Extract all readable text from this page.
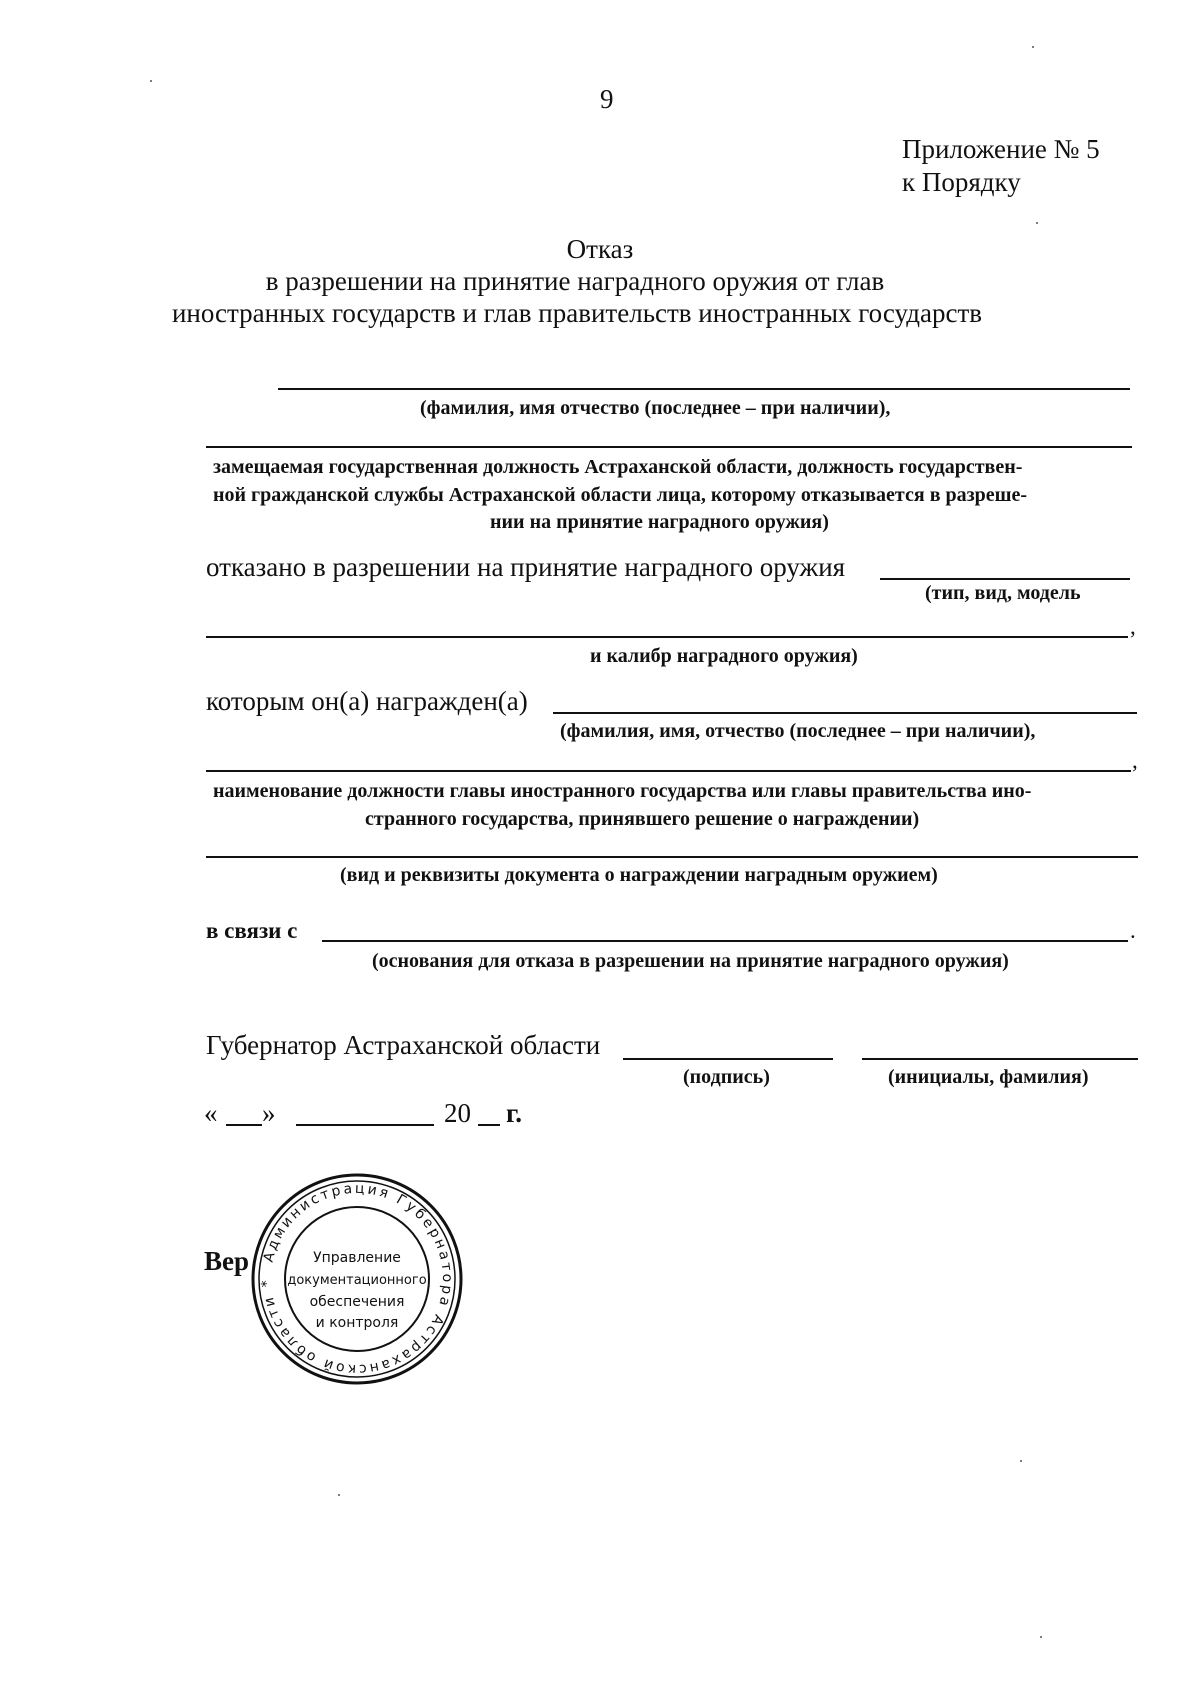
9
Приложение № 5
к Порядку
Отказ
в разрешении на принятие наградного оружия от глав
иностранных государств и глав правительств иностранных государств
(фамилия, имя отчество (последнее – при наличии),
замещаемая государственная должность Астраханской области, должность государствен-
ной гражданской службы Астраханской области лица, которому отказывается в разреше-
нии на принятие наградного оружия)
отказано в разрешении на принятие наградного оружия
(тип, вид, модель
,
и калибр наградного оружия)
которым он(а) награжден(а)
(фамилия, имя, отчество (последнее – при наличии),
,
наименование должности главы иностранного государства или главы правительства ино-
странного государства, принявшего решение о награждении)
(вид и реквизиты документа о награждении наградным оружием)
в связи с	.
(основания для отказа в разрешении на принятие наградного оружия)
Губернатор Астраханской области
(подпись)	(инициалы, фамилия)
« »	20 г.
Вер Администрация Губернатора Астраханской области *
Управление
документационного
обеспечения
и контроля
